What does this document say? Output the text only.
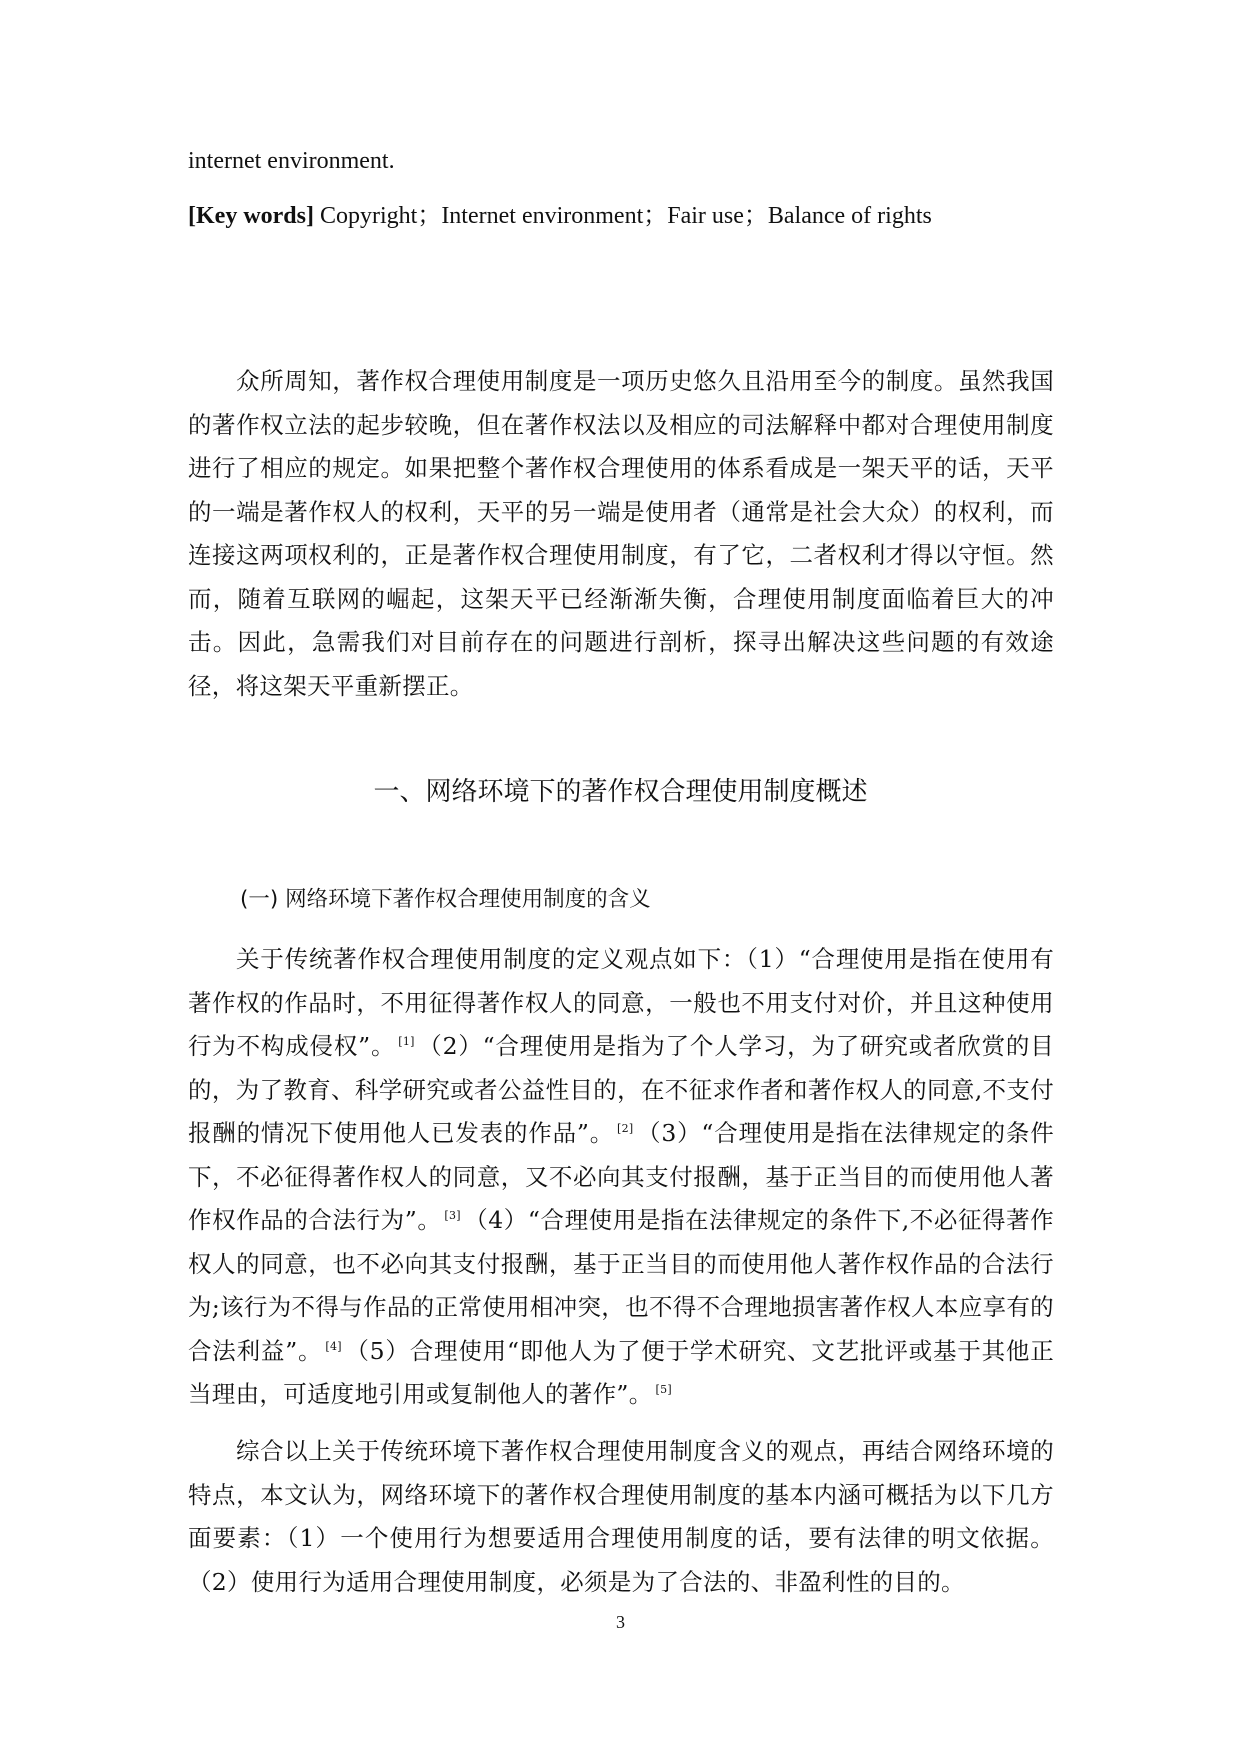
internet environment.
[Key words] Copyright；Internet environment；Fair use；Balance of rights

众所周知，著作权合理使用制度是一项历史悠久且沿用至今的制度。虽然我国的著作权立法的起步较晚，但在著作权法以及相应的司法解释中都对合理使用制度进行了相应的规定。如果把整个著作权合理使用的体系看成是一架天平的话，天平的一端是著作权人的权利，天平的另一端是使用者（通常是社会大众）的权利，而连接这两项权利的，正是著作权合理使用制度，有了它，二者权利才得以守恒。然而，随着互联网的崛起，这架天平已经渐渐失衡，合理使用制度面临着巨大的冲击。因此，急需我们对目前存在的问题进行剖析，探寻出解决这些问题的有效途径，将这架天平重新摆正。

一、网络环境下的著作权合理使用制度概述
(一) 网络环境下著作权合理使用制度的含义

关于传统著作权合理使用制度的定义观点如下：（1）“合理使用是指在使用有著作权的作品时，不用征得著作权人的同意，一般也不用支付对价，并且这种使用行为不构成侵权”。 [1] （2）“合理使用是指为了个人学习，为了研究或者欣赏的目的，为了教育、科学研究或者公益性目的，在不征求作者和著作权人的同意,不支付报酬的情况下使用他人已发表的作品”。 [2] （3）“合理使用是指在法律规定的条件下，不必征得著作权人的同意，又不必向其支付报酬，基于正当目的而使用他人著作权作品的合法行为”。 [3] （4）“合理使用是指在法律规定的条件下,不必征得著作权人的同意，也不必向其支付报酬，基于正当目的而使用他人著作权作品的合法行为;该行为不得与作品的正常使用相冲突，也不得不合理地损害著作权人本应享有的合法利益”。 [4] （5）合理使用“即他人为了便于学术研究、文艺批评或基于其他正当理由，可适度地引用或复制他人的著作”。 [5]

综合以上关于传统环境下著作权合理使用制度含义的观点，再结合网络环境的特点，本文认为，网络环境下的著作权合理使用制度的基本内涵可概括为以下几方面要素：（1）一个使用行为想要适用合理使用制度的话，要有法律的明文依据。（2）使用行为适用合理使用制度，必须是为了合法的、非盈利性的目的。

3
